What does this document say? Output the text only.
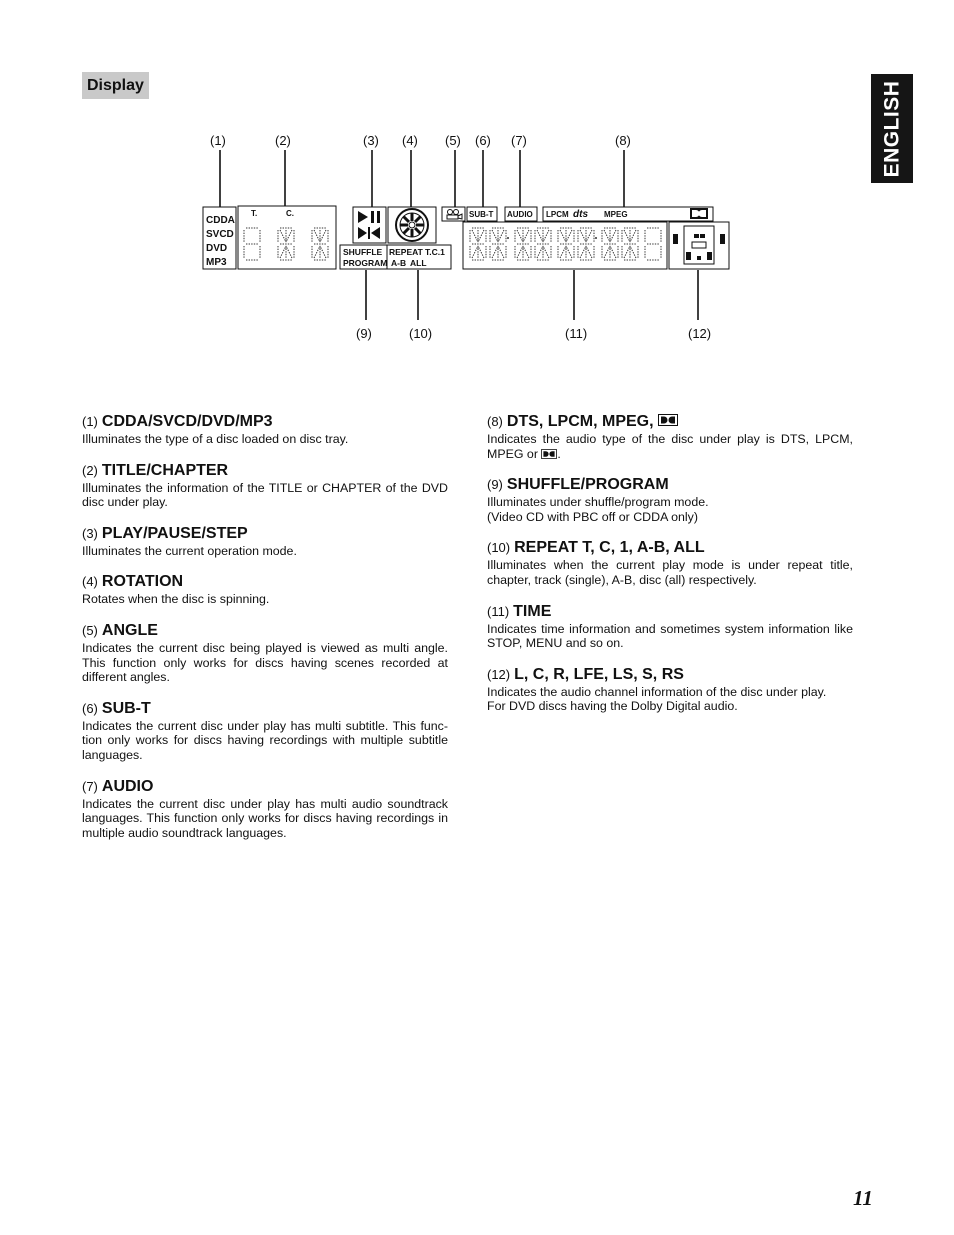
ENGLISH
Display
(1)	(2)	(3) (4) (5) (6) (7)	(8)
(9)	(10)	(11)	(12)
CDDA
SVCD
DVD
MP3
T.	C.
SHUFFLE
PROGRAM
REPEAT T.C.1
A-B ALL
SUB-T AUDIO LPCM dts MPEG
(1) CDDA/SVCD/DVD/MP3
Illuminates the type of a disc loaded on disc tray.
(2) TITLE/CHAPTER
Illuminates the information of the TITLE or CHAPTER of the DVD disc under play.
(3) PLAY/PAUSE/STEP
Illuminates the current operation mode.
(4) ROTATION
Rotates when the disc is spinning.
(5) ANGLE
Indicates the current disc being played is viewed as multi angle. This function only works for discs having scenes recorded at different angles.
(6) SUB-T
Indicates the current disc under play has multi subtitle. This func-tion only works for discs having recordings with multiple subtitle languages.
(7) AUDIO
Indicates the current disc under play has multi audio soundtrack languages. This function only works for discs having recordings in multiple audio soundtrack languages.
(8) DTS, LPCM, MPEG,
Indicates the audio type of the disc under play is DTS, LPCM, MPEG or .
(9) SHUFFLE/PROGRAM
Illuminates under shuffle/program mode.
(Video CD with PBC off or CDDA only)
(10) REPEAT T, C, 1, A-B, ALL
Illuminates when the current play mode is under repeat title, chapter, track (single), A-B, disc (all) respectively.
(11) TIME
Indicates time information and sometimes system information like STOP, MENU and so on.
(12) L, C, R, LFE, LS, S, RS
Indicates the audio channel information of the disc under play.
For DVD discs having the Dolby Digital audio.
11
